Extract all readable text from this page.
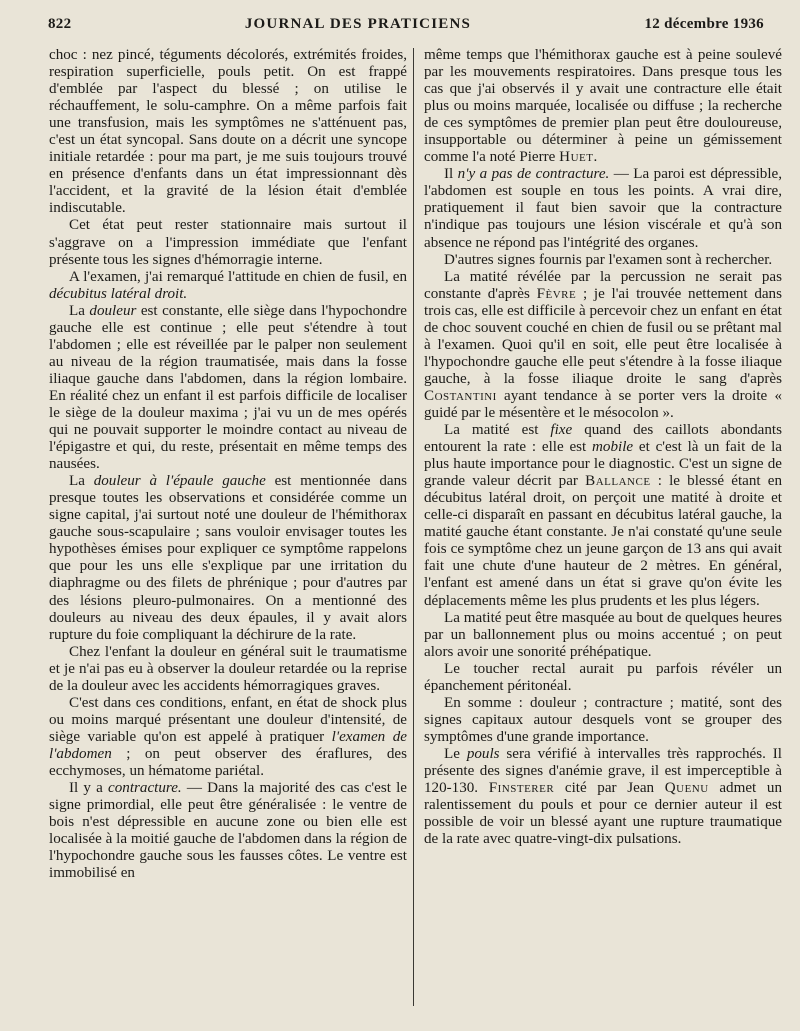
822	JOURNAL DES PRATICIENS	12 décembre 1936

choc : nez pincé, téguments décolorés, extrémités froides, respiration superficielle, pouls petit. On est frappé d'emblée par l'aspect du blessé ; on utilise le réchauffement, le solu-camphre. On a même parfois fait une transfusion, mais les symptômes ne s'atténuent pas, c'est un état syncopal. Sans doute on a décrit une syncope initiale retardée : pour ma part, je me suis toujours trouvé en présence d'enfants dans un état impressionnant dès l'accident, et la gravité de la lésion était d'emblée indiscutable.

Cet état peut rester stationnaire mais surtout il s'aggrave on a l'impression immédiate que l'enfant présente tous les signes d'hémorragie interne.

A l'examen, j'ai remarqué l'attitude en chien de fusil, en décubitus latéral droit.

La douleur est constante, elle siège dans l'hypochondre gauche elle est continue ; elle peut s'étendre à tout l'abdomen ; elle est réveillée par le palper non seulement au niveau de la région traumatisée, mais dans la fosse iliaque gauche dans l'abdomen, dans la région lombaire. En réalité chez un enfant il est parfois difficile de localiser le siège de la douleur maxima ; j'ai vu un de mes opérés qui ne pouvait supporter le moindre contact au niveau de l'épigastre et qui, du reste, présentait en même temps des nausées.

La douleur à l'épaule gauche est mentionnée dans presque toutes les observations et considérée comme un signe capital, j'ai surtout noté une douleur de l'hémithorax gauche sous-scapulaire ; sans vouloir envisager toutes les hypothèses émises pour expliquer ce symptôme rappelons que pour les uns elle s'explique par une irritation du diaphragme ou des filets de phrénique ; pour d'autres par des lésions pleuro-pulmonaires. On a mentionné des douleurs au niveau des deux épaules, il y avait alors rupture du foie compliquant la déchirure de la rate.

Chez l'enfant la douleur en général suit le traumatisme et je n'ai pas eu à observer la douleur retardée ou la reprise de la douleur avec les accidents hémorragiques graves.

C'est dans ces conditions, enfant, en état de shock plus ou moins marqué présentant une douleur d'intensité, de siège variable qu'on est appelé à pratiquer l'examen de l'abdomen ; on peut observer des éraflures, des ecchymoses, un hématome pariétal.

Il y a contracture. — Dans la majorité des cas c'est le signe primordial, elle peut être généralisée : le ventre de bois n'est dépressible en aucune zone ou bien elle est localisée à la moitié gauche de l'abdomen dans la région de l'hypochondre gauche sous les fausses côtes. Le ventre est immobilisé en

même temps que l'hémithorax gauche est à peine soulevé par les mouvements respiratoires. Dans presque tous les cas que j'ai observés il y avait une contracture elle était plus ou moins marquée, localisée ou diffuse ; la recherche de ces symptômes de premier plan peut être douloureuse, insupportable ou déterminer à peine un gémissement comme l'a noté Pierre Huet.

Il n'y a pas de contracture. — La paroi est dépressible, l'abdomen est souple en tous les points. A vrai dire, pratiquement il faut bien savoir que la contracture n'indique pas toujours une lésion viscérale et qu'à son absence ne répond pas l'intégrité des organes.

D'autres signes fournis par l'examen sont à rechercher.

La matité révélée par la percussion ne serait pas constante d'après Fèvre ; je l'ai trouvée nettement dans trois cas, elle est difficile à percevoir chez un enfant en état de choc souvent couché en chien de fusil ou se prêtant mal à l'examen. Quoi qu'il en soit, elle peut être localisée à l'hypochondre gauche elle peut s'étendre à la fosse iliaque gauche, à la fosse iliaque droite le sang d'après Costantini ayant tendance à se porter vers la droite « guidé par le mésentère et le mésocolon ».

La matité est fixe quand des caillots abondants entourent la rate : elle est mobile et c'est là un fait de la plus haute importance pour le diagnostic. C'est un signe de grande valeur décrit par Ballance : le blessé étant en décubitus latéral droit, on perçoit une matité à droite et celle-ci disparaît en passant en décubitus latéral gauche, la matité gauche étant constante. Je n'ai constaté qu'une seule fois ce symptôme chez un jeune garçon de 13 ans qui avait fait une chute d'une hauteur de 2 mètres. En général, l'enfant est amené dans un état si grave qu'on évite les déplacements même les plus prudents et les plus légers.

La matité peut être masquée au bout de quelques heures par un ballonnement plus ou moins accentué ; on peut alors avoir une sonorité préhépatique.

Le toucher rectal aurait pu parfois révéler un épanchement péritonéal.

En somme : douleur ; contracture ; matité, sont des signes capitaux autour desquels vont se grouper des symptômes d'une grande importance.

Le pouls sera vérifié à intervalles très rapprochés. Il présente des signes d'anémie grave, il est imperceptible à 120-130. Finsterer cité par Jean Quenu admet un ralentissement du pouls et pour ce dernier auteur il est possible de voir un blessé ayant une rupture traumatique de la rate avec quatre-vingt-dix pulsations.
